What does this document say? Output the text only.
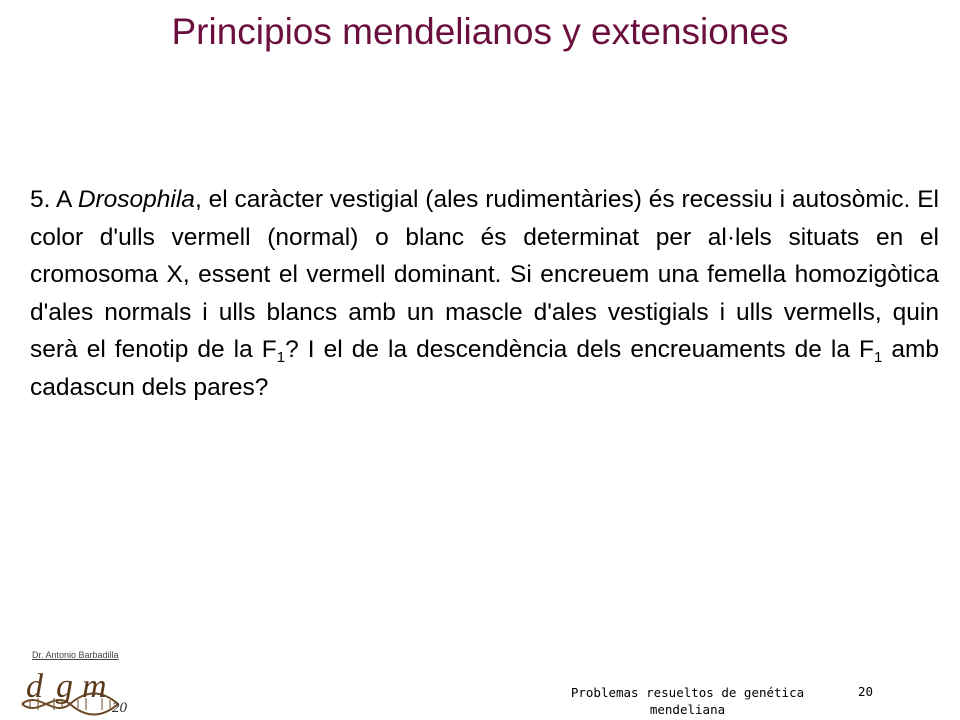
Principios mendelianos y extensiones

5. A Drosophila, el caràcter vestigial (ales rudimentàries) és recessiu i autosòmic. El color d'ulls vermell (normal) o blanc és determinat per al·lels situats en el cromosoma X, essent el vermell dominant. Si encreuem una femella homozigòtica d'ales normals i ulls blancs amb un mascle d'ales vestigials i ulls vermells, quin serà el fenotip de la $F_1$? I el de la descendència dels encreuaments de la $F_1$ amb cadascun dels pares?

Dr. Antonio Barbadilla
d g m
20
Problemas resueltos de genética mendeliana
20
